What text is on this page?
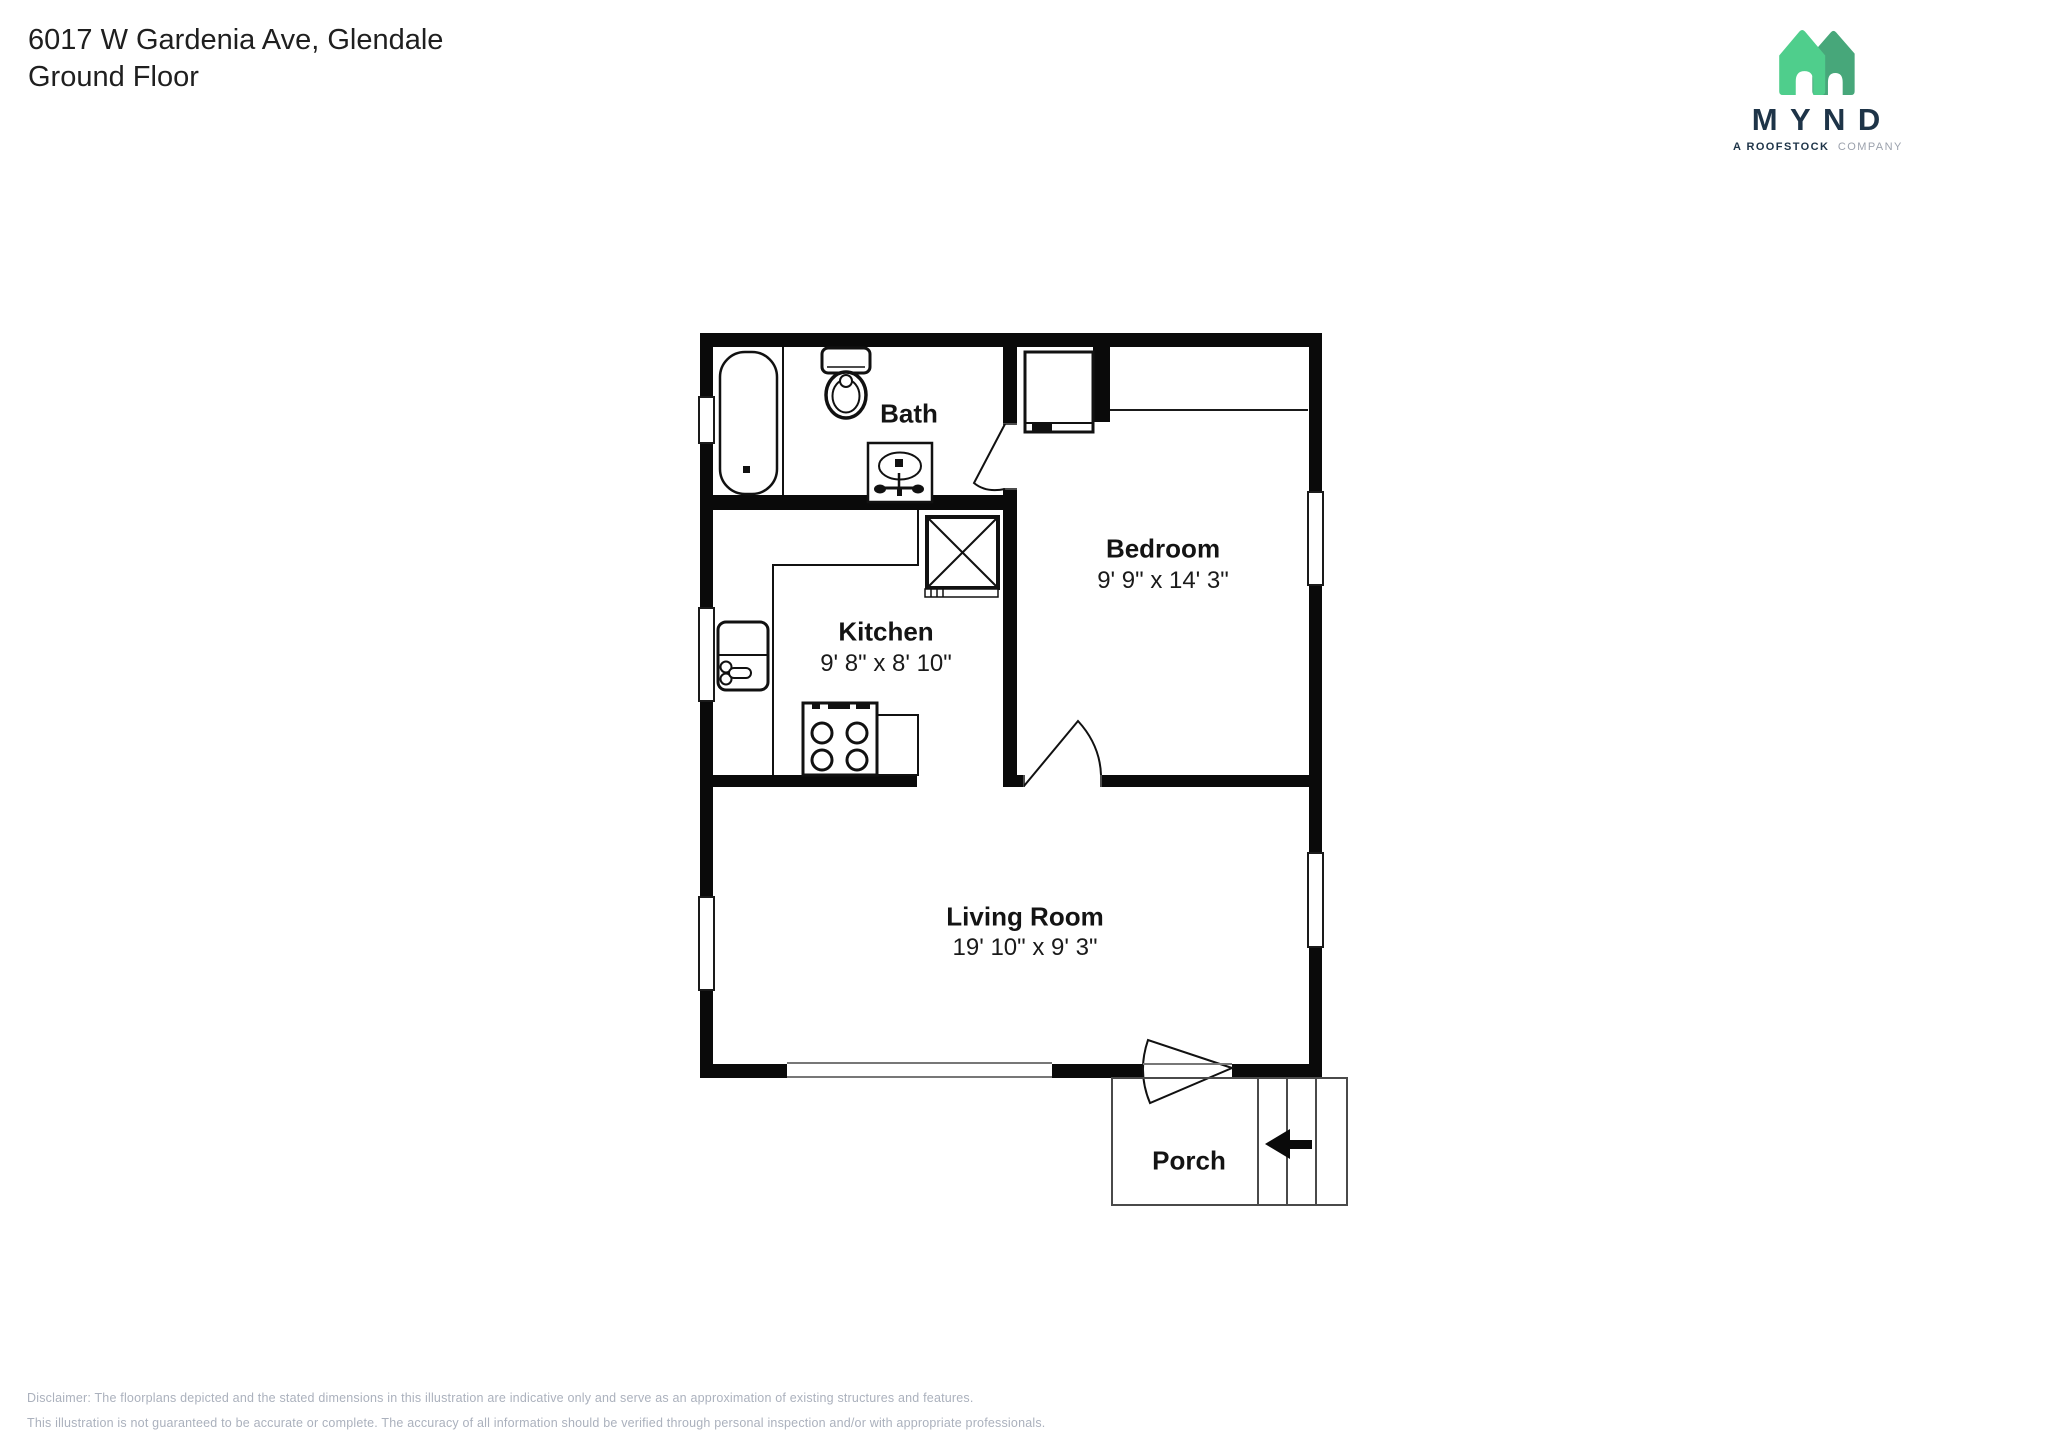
6017 W Gardenia Ave, Glendale
Ground Floor
MYND
A ROOFSTOCK COMPANY
Bath
Bedroom
9' 9" x 14' 3"
Kitchen
9' 8" x 8' 10"
Living Room
19' 10" x 9' 3"
Porch
Disclaimer: The floorplans depicted and the stated dimensions in this illustration are indicative only and serve as an approximation of existing structures and features.
This illustration is not guaranteed to be accurate or complete. The accuracy of all information should be verified through personal inspection and/or with appropriate professionals.
